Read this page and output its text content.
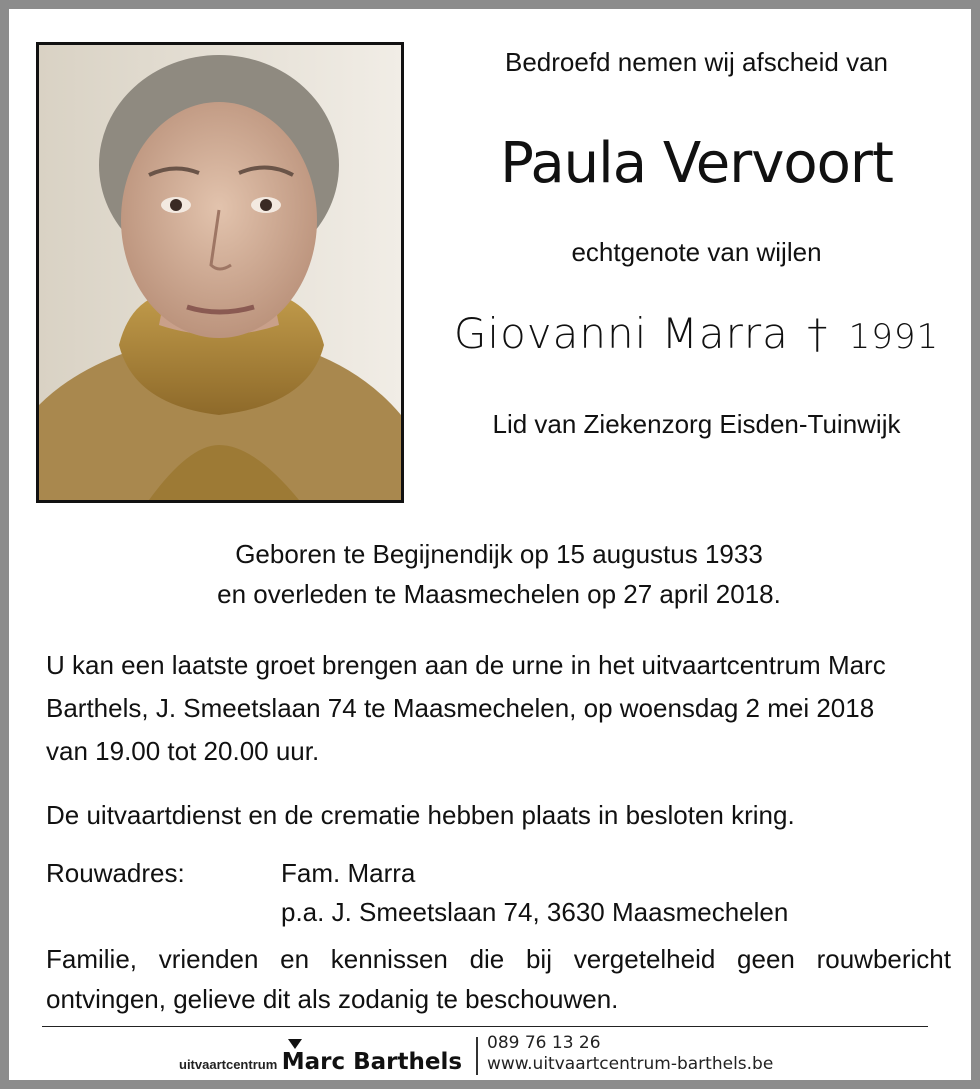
Bedroefd nemen wij afscheid van
Paula Vervoort
echtgenote van wijlen
Giovanni Marra † 1991
Lid van Ziekenzorg Eisden-Tuinwijk
Geboren te Begijnendijk op 15 augustus 1933
en overleden te Maasmechelen op 27 april 2018.
U kan een laatste groet brengen aan de urne in het uitvaartcentrum Marc
Barthels, J. Smeetslaan 74 te Maasmechelen, op woensdag 2 mei 2018
van 19.00 tot 20.00 uur.
De uitvaartdienst en de crematie hebben plaats in besloten kring.
Rouwadres:	Fam. Marra
p.a. J. Smeetslaan 74, 3630 Maasmechelen
Familie, vrienden en kennissen die bij vergetelheid geen rouwbericht
ontvingen, gelieve dit als zodanig te beschouwen.
uitvaartcentrum Marc Barthels
089 76 13 26
www.uitvaartcentrum-barthels.be
